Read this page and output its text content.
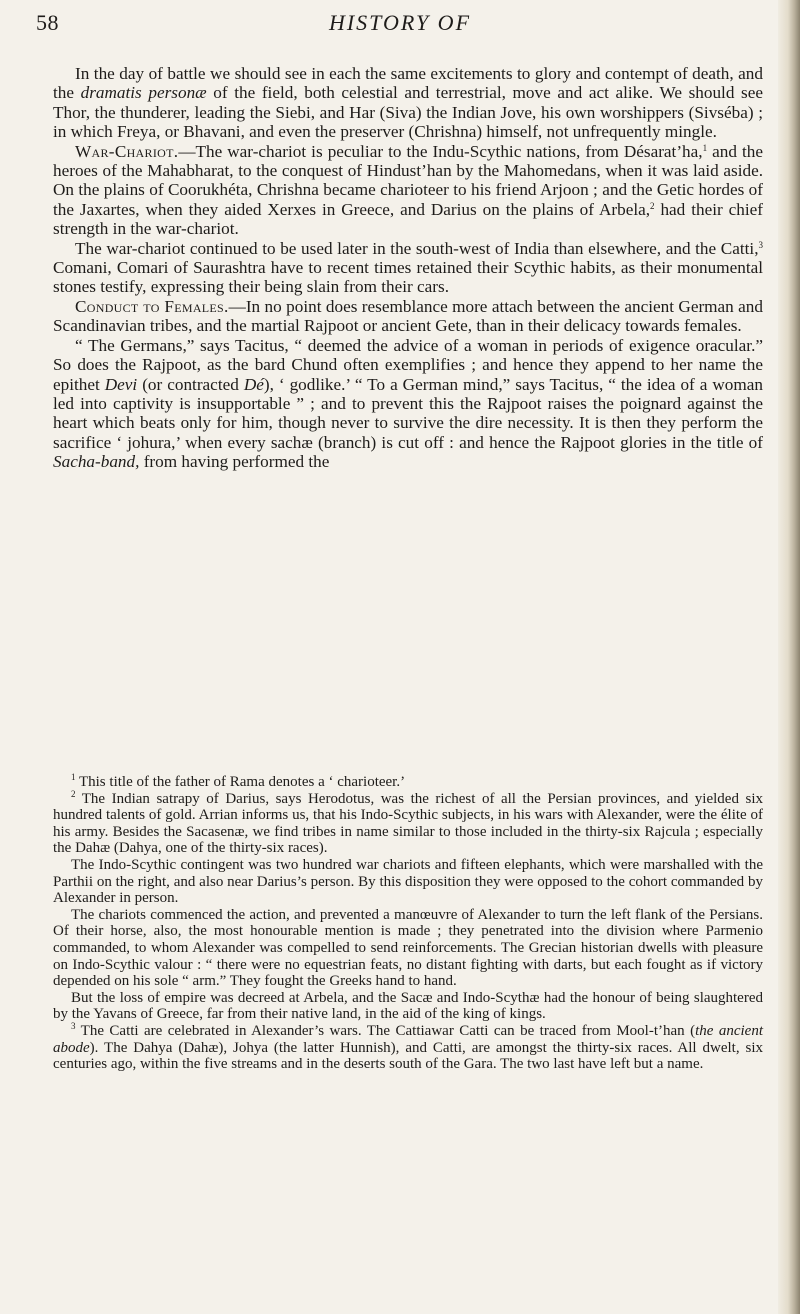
58	HISTORY OF

In the day of battle we should see in each the same excitements to glory and contempt of death, and the dramatis personæ of the field, both celestial and terrestrial, move and act alike. We should see Thor, the thunderer, leading the Siebi, and Har (Siva) the Indian Jove, his own worshippers (Sivséba) ; in which Freya, or Bhavani, and even the preserver (Chrishna) himself, not unfrequently mingle.

War-Chariot.—The war-chariot is peculiar to the Indu-Scythic nations, from Désarat’ha,$^1$ and the heroes of the Mahabharat, to the conquest of Hindust’han by the Mahomedans, when it was laid aside. On the plains of Coorukhéta, Chrishna became charioteer to his friend Arjoon ; and the Getic hordes of the Jaxartes, when they aided Xerxes in Greece, and Darius on the plains of Arbela,$^2$ had their chief strength in the war-chariot.

The war-chariot continued to be used later in the south-west of India than elsewhere, and the Catti,$^3$ Comani, Comari of Saurashtra have to recent times retained their Scythic habits, as their monumental stones testify, expressing their being slain from their cars.

Conduct to Females.—In no point does resemblance more attach between the ancient German and Scandinavian tribes, and the martial Rajpoot or ancient Gete, than in their delicacy towards females.

“ The Germans,” says Tacitus, “ deemed the advice of a woman in periods of exigence oracular.” So does the Rajpoot, as the bard Chund often exemplifies ; and hence they append to her name the epithet Devi (or contracted Dé), ‘ godlike.’ “ To a German mind,” says Tacitus, “ the idea of a woman led into captivity is insupportable ” ; and to prevent this the Rajpoot raises the poignard against the heart which beats only for him, though never to survive the dire necessity. It is then they perform the sacrifice ‘ johura,’ when every sachæ (branch) is cut off : and hence the Rajpoot glories in the title of Sacha-band, from having performed the

$^1$ This title of the father of Rama denotes a ‘ charioteer.’

$^2$ The Indian satrapy of Darius, says Herodotus, was the richest of all the Persian provinces, and yielded six hundred talents of gold. Arrian informs us, that his Indo-Scythic subjects, in his wars with Alexander, were the élite of his army. Besides the Sacasenæ, we find tribes in name similar to those included in the thirty-six Rajcula ; especially the Dahæ (Dahya, one of the thirty-six races).

The Indo-Scythic contingent was two hundred war chariots and fifteen elephants, which were marshalled with the Parthii on the right, and also near Darius’s person. By this disposition they were opposed to the cohort commanded by Alexander in person.

The chariots commenced the action, and prevented a manœuvre of Alexander to turn the left flank of the Persians. Of their horse, also, the most honourable mention is made ; they penetrated into the division where Parmenio commanded, to whom Alexander was compelled to send reinforcements. The Grecian historian dwells with pleasure on Indo-Scythic valour : “ there were no equestrian feats, no distant fighting with darts, but each fought as if victory depended on his sole “ arm.” They fought the Greeks hand to hand.

But the loss of empire was decreed at Arbela, and the Sacæ and Indo-Scythæ had the honour of being slaughtered by the Yavans of Greece, far from their native land, in the aid of the king of kings.

$^3$ The Catti are celebrated in Alexander’s wars. The Cattiawar Catti can be traced from Mool-t’han (the ancient abode). The Dahya (Dahæ), Johya (the latter Hunnish), and Catti, are amongst the thirty-six races. All dwelt, six centuries ago, within the five streams and in the deserts south of the Gara. The two last have left but a name.
